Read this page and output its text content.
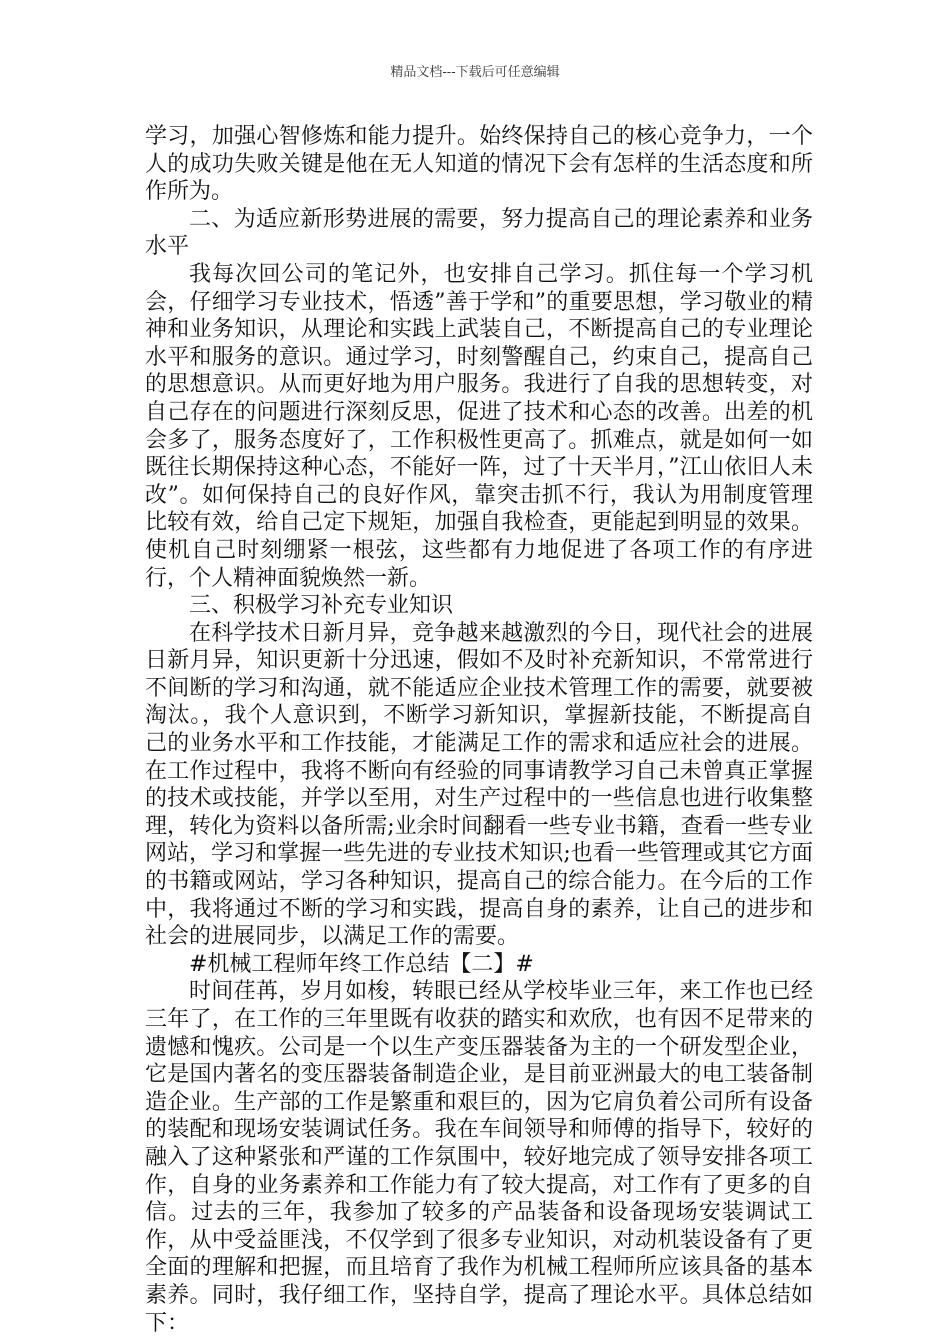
精品文档---下载后可任意编辑

学习，加强心智修炼和能力提升。始终保持自己的核心竞争力，一个人的成功失败关键是他在无人知道的情况下会有怎样的生活态度和所作所为。

二、为适应新形势进展的需要，努力提高自己的理论素养和业务水平

我每次回公司的笔记外，也安排自己学习。抓住每一个学习机会，仔细学习专业技术，悟透”善于学和”的重要思想，学习敬业的精神和业务知识，从理论和实践上武装自己，不断提高自己的专业理论水平和服务的意识。通过学习，时刻警醒自己，约束自己，提高自己的思想意识。从而更好地为用户服务。我进行了自我的思想转变，对自己存在的问题进行深刻反思，促进了技术和心态的改善。出差的机会多了，服务态度好了，工作积极性更高了。抓难点，就是如何一如既往长期保持这种心态，不能好一阵，过了十天半月，”江山依旧人未改”。如何保持自己的良好作风，靠突击抓不行，我认为用制度管理比较有效，给自己定下规矩，加强自我检查，更能起到明显的效果。使机自己时刻绷紧一根弦，这些都有力地促进了各项工作的有序进行，个人精神面貌焕然一新。

三、积极学习补充专业知识

在科学技术日新月异，竞争越来越激烈的今日，现代社会的进展日新月异，知识更新十分迅速，假如不及时补充新知识，不常常进行不间断的学习和沟通，就不能适应企业技术管理工作的需要，就要被淘汰。，我个人意识到，不断学习新知识，掌握新技能，不断提高自己的业务水平和工作技能，才能满足工作的需求和适应社会的进展。在工作过程中，我将不断向有经验的同事请教学习自己未曾真正掌握的技术或技能，并学以至用，对生产过程中的一些信息也进行收集整理，转化为资料以备所需;业余时间翻看一些专业书籍，查看一些专业网站，学习和掌握一些先进的专业技术知识;也看一些管理或其它方面的书籍或网站，学习各种知识，提高自己的综合能力。在今后的工作中，我将通过不断的学习和实践，提高自身的素养，让自己的进步和社会的进展同步，以满足工作的需要。

#机械工程师年终工作总结【二】#

时间荏苒，岁月如梭，转眼已经从学校毕业三年，来工作也已经三年了，在工作的三年里既有收获的踏实和欢欣，也有因不足带来的遗憾和愧疚。公司是一个以生产变压器装备为主的一个研发型企业，它是国内著名的变压器装备制造企业，是目前亚洲最大的电工装备制造企业。生产部的工作是繁重和艰巨的，因为它肩负着公司所有设备的装配和现场安装调试任务。我在车间领导和师傅的指导下，较好的融入了这种紧张和严谨的工作氛围中，较好地完成了领导安排各项工作，自身的业务素养和工作能力有了较大提高，对工作有了更多的自信。过去的三年，我参加了较多的产品装备和设备现场安装调试工作，从中受益匪浅，不仅学到了很多专业知识，对动机装设备有了更全面的理解和把握，而且培育了我作为机械工程师所应该具备的基本素养。同时，我仔细工作，坚持自学，提高了理论水平。具体总结如下：
